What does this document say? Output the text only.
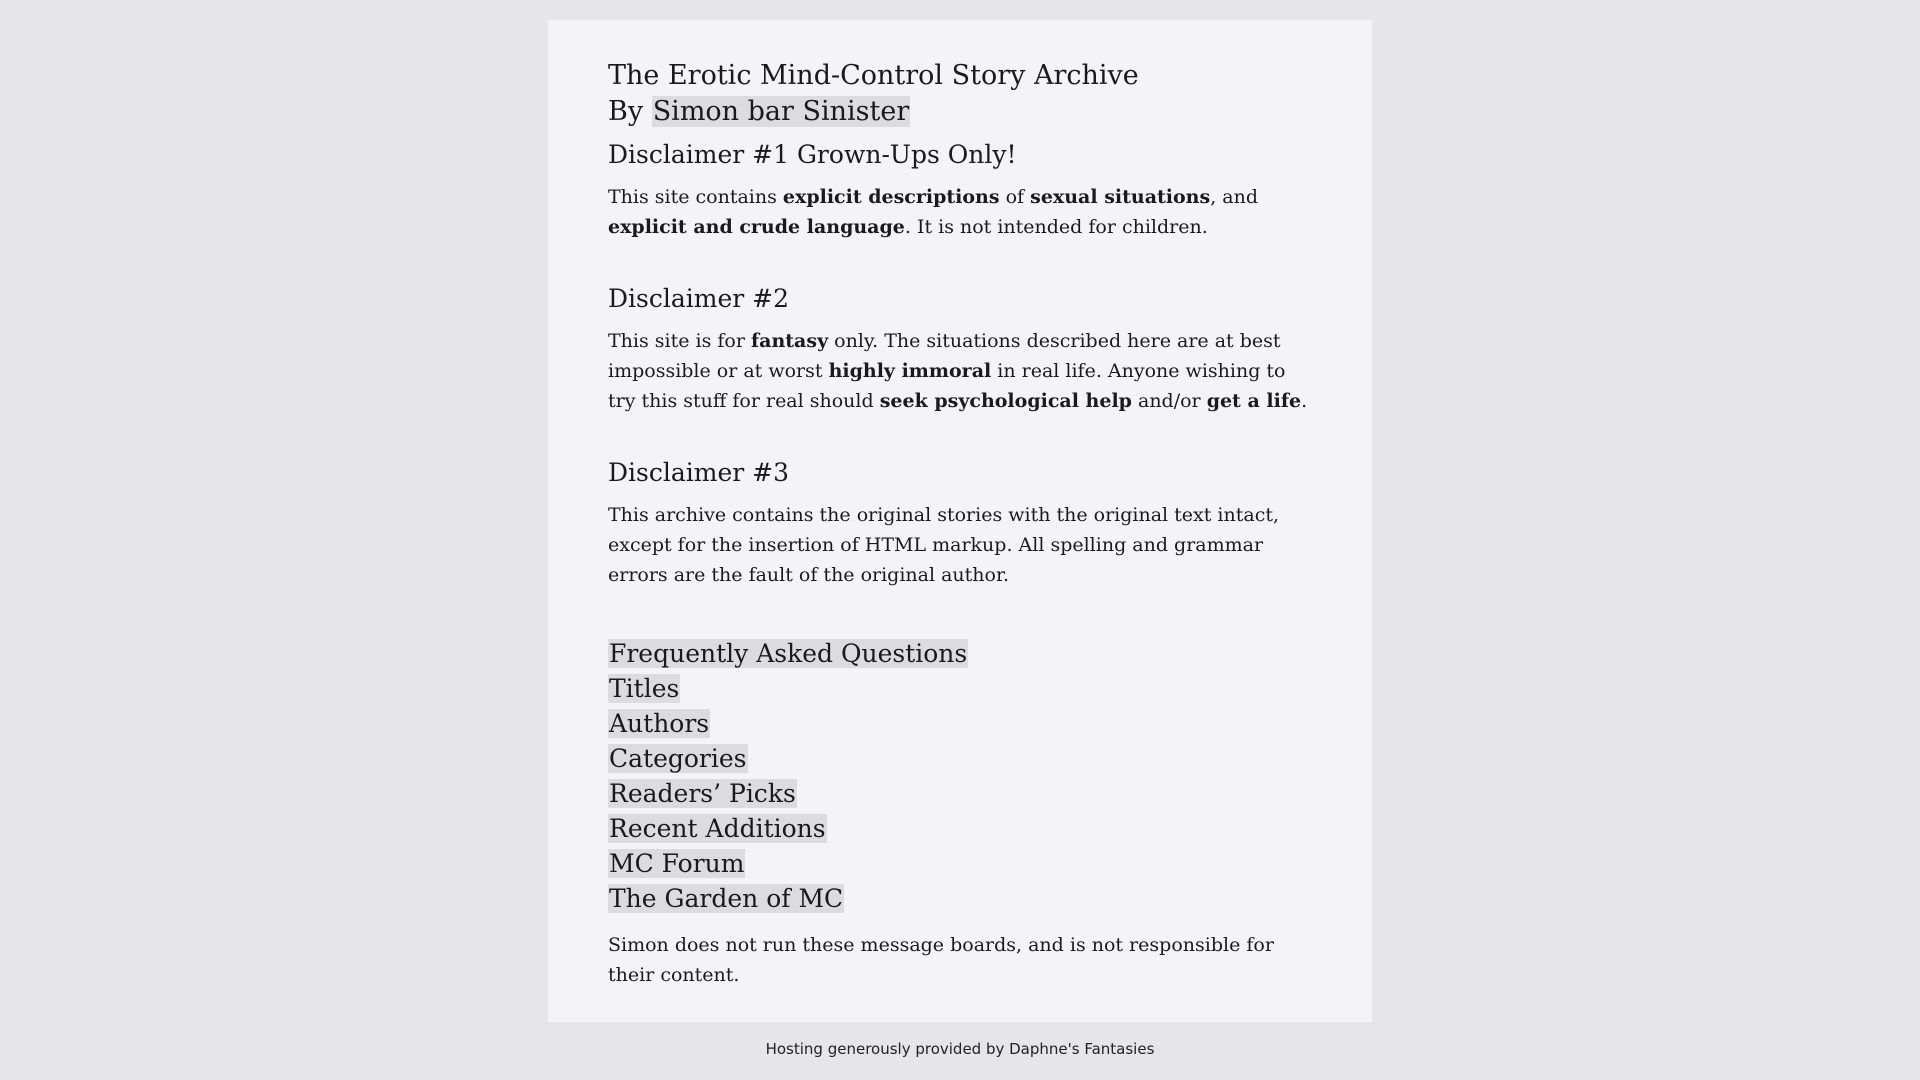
The Erotic Mind-Control Story Archive
By Simon bar Sinister
Disclaimer #1 Grown-Ups Only!

This site contains explicit descriptions of sexual situations, and explicit and crude language. It is not intended for children.

Disclaimer #2

This site is for fantasy only. The situations described here are at best impossible or at worst highly immoral in real life. Anyone wishing to try this stuff for real should seek psychological help and/or get a life.

Disclaimer #3

This archive contains the original stories with the original text intact, except for the insertion of HTML markup. All spelling and grammar errors are the fault of the original author.

Frequently Asked Questions
Titles
Authors
Categories
Readers’ Picks
Recent Additions
MC Forum
The Garden of MC

Simon does not run these message boards, and is not responsible for their content.

Hosting generously provided by Daphne's Fantasies
